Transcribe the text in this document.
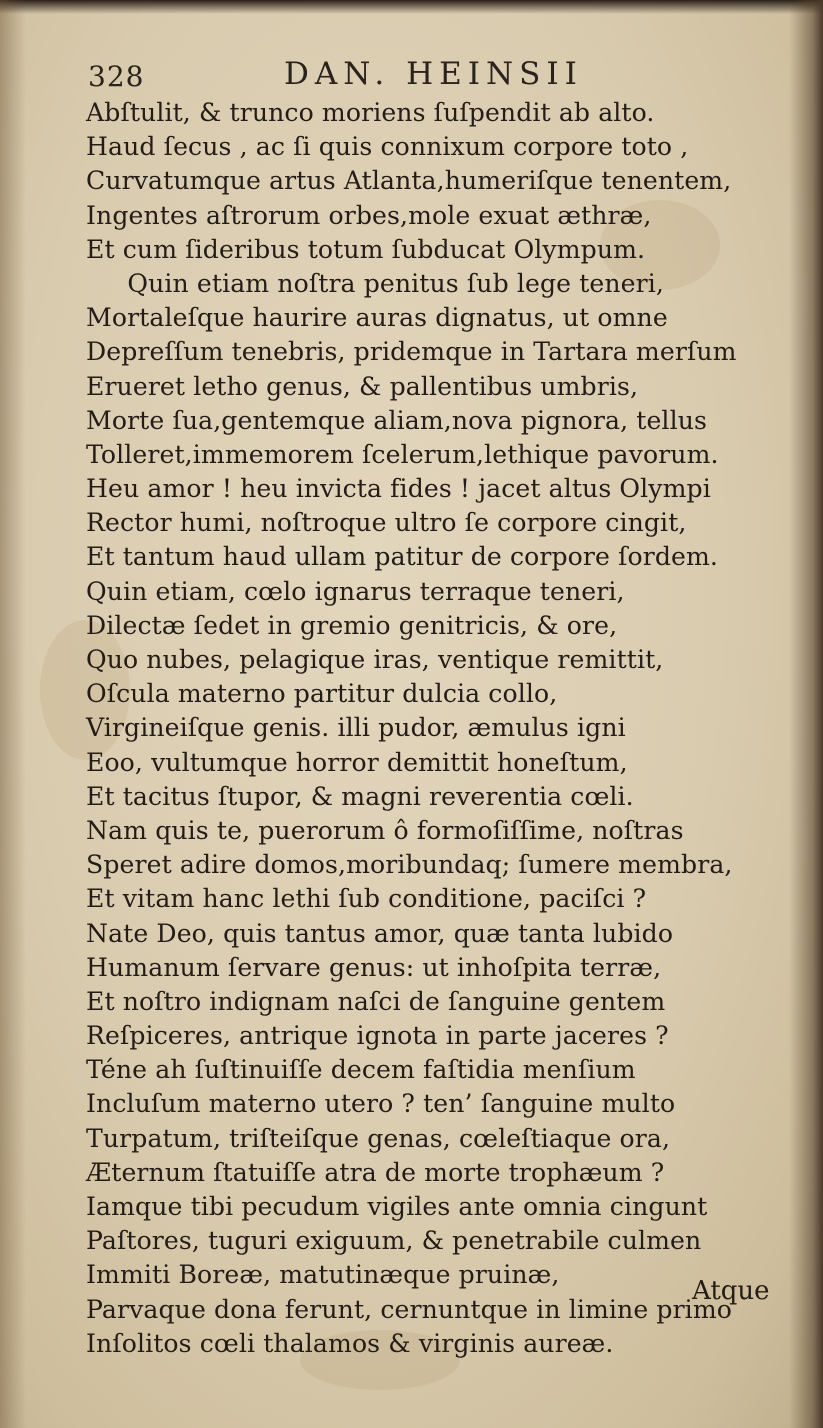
328	DAN. HEINSII
Abſtulit, & trunco moriens ſuſpendit ab alto.
Haud ſecus , ac ſi quis connixum corpore toto ,
Curvatumque artus Atlanta,humeriſque tenentem,
Ingentes aſtrorum orbes,mole exuat æthræ,
Et cum ſideribus totum ſubducat Olympum.
Quin etiam noſtra penitus ſub lege teneri,
Mortaleſque haurire auras dignatus, ut omne
Depreſſum tenebris, pridemque in Tartara merſum
Erueret letho genus, & pallentibus umbris,
Morte ſua,gentemque aliam,nova pignora, tellus
Tolleret,immemorem ſcelerum,lethique pavorum.
Heu amor ! heu invicta fides ! jacet altus Olympi
Rector humi, noſtroque ultro ſe corpore cingit,
Et tantum haud ullam patitur de corpore ſordem.
Quin etiam, cœlo ignarus terraque teneri,
Dilectæ ſedet in gremio genitricis, & ore,
Quo nubes, pelagique iras, ventique remittit,
Oſcula materno partitur dulcia collo,
Virgineiſque genis. illi pudor, æmulus igni
Eoo, vultumque horror demittit honeſtum,
Et tacitus ſtupor, & magni reverentia cœli.
Nam quis te, puerorum ô formoſiſſime, noſtras
Speret adire domos,moribundaq; ſumere membra,
Et vitam hanc lethi ſub conditione, paciſci ?
Nate Deo, quis tantus amor, quæ tanta lubido
Humanum ſervare genus: ut inhoſpita terræ,
Et noſtro indignam naſci de ſanguine gentem
Reſpiceres, antrique ignota in parte jaceres ?
Téne ah ſuſtinuiſſe decem faſtidia menſium
Incluſum materno utero ? ten’ ſanguine multo
Turpatum, triſteiſque genas, cœleſtiaque ora,
Æternum ſtatuiſſe atra de morte trophæum ?
Iamque tibi pecudum vigiles ante omnia cingunt
Paſtores, tuguri exiguum, & penetrabile culmen
Immiti Boreæ, matutinæque pruinæ,
Parvaque dona ferunt, cernuntque in limine primo
Inſolitos cœli thalamos & virginis aureæ.
Atque
